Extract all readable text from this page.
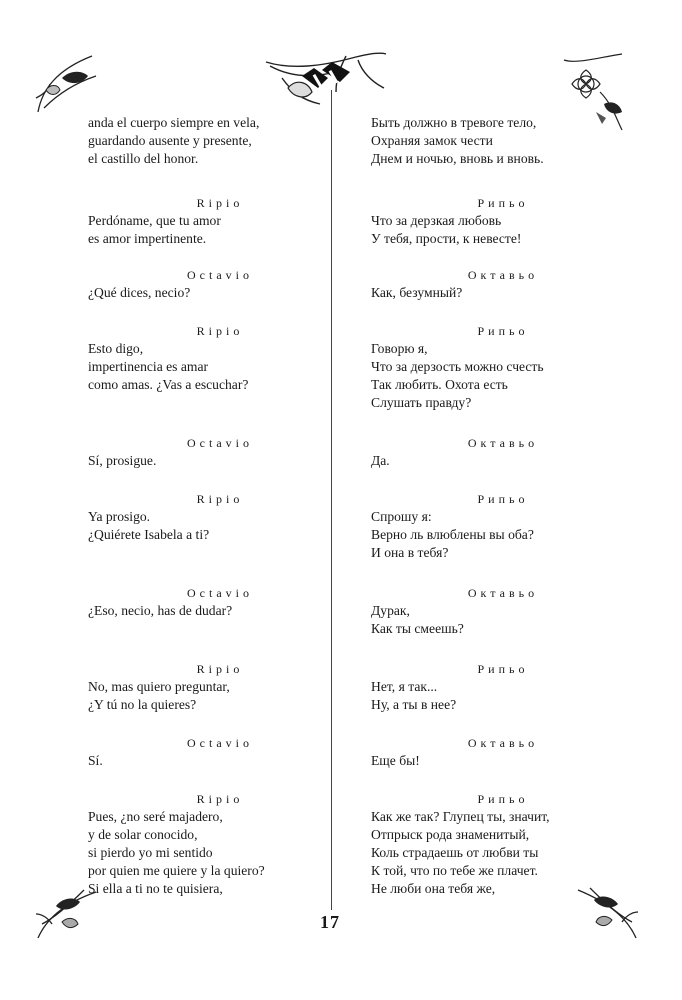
anda el cuerpo siempre en vela,
guardando ausente y presente,
el castillo del honor.
Ripio
Perdóname, que tu amor
es amor impertinente.
Octavio
¿Qué dices, necio?
Ripio
Esto digo,
impertinencia es amar
como amas. ¿Vas a escuchar?
Octavio
Sí, prosigue.
Ripio
Ya prosigo.
¿Quiérete Isabela a ti?
Octavio
¿Eso, necio, has de dudar?
Ripio
No, mas quiero preguntar,
¿Y tú no la quieres?
Octavio
Sí.
Ripio
Pues, ¿no seré majadero,
y de solar conocido,
si pierdo yo mi sentido
por quien me quiere y la quiero?
Si ella a ti no te quisiera,
Быть должно в тревоге тело,
Охраняя замок чести
Днем и ночью, вновь и вновь.
Рипьо
Что за дерзкая любовь
У тебя, прости, к невесте!
Октавьо
Как, безумный?
Рипьо
Говорю я,
Что за дерзость можно счесть
Так любить. Охота есть
Слушать правду?
Октавьо
Да.
Рипьо
Спрошу я:
Верно ль влюблены вы оба?
И она в тебя?
Октавьо
Дурак,
Как ты смеешь?
Рипьо
Нет, я так...
Ну, а ты в нее?
Октавьо
Еще бы!
Рипьо
Как же так? Глупец ты, значит,
Отпрыск рода знаменитый,
Коль страдаешь от любви ты
К той, что по тебе же плачет.
Не люби она тебя же,
17
